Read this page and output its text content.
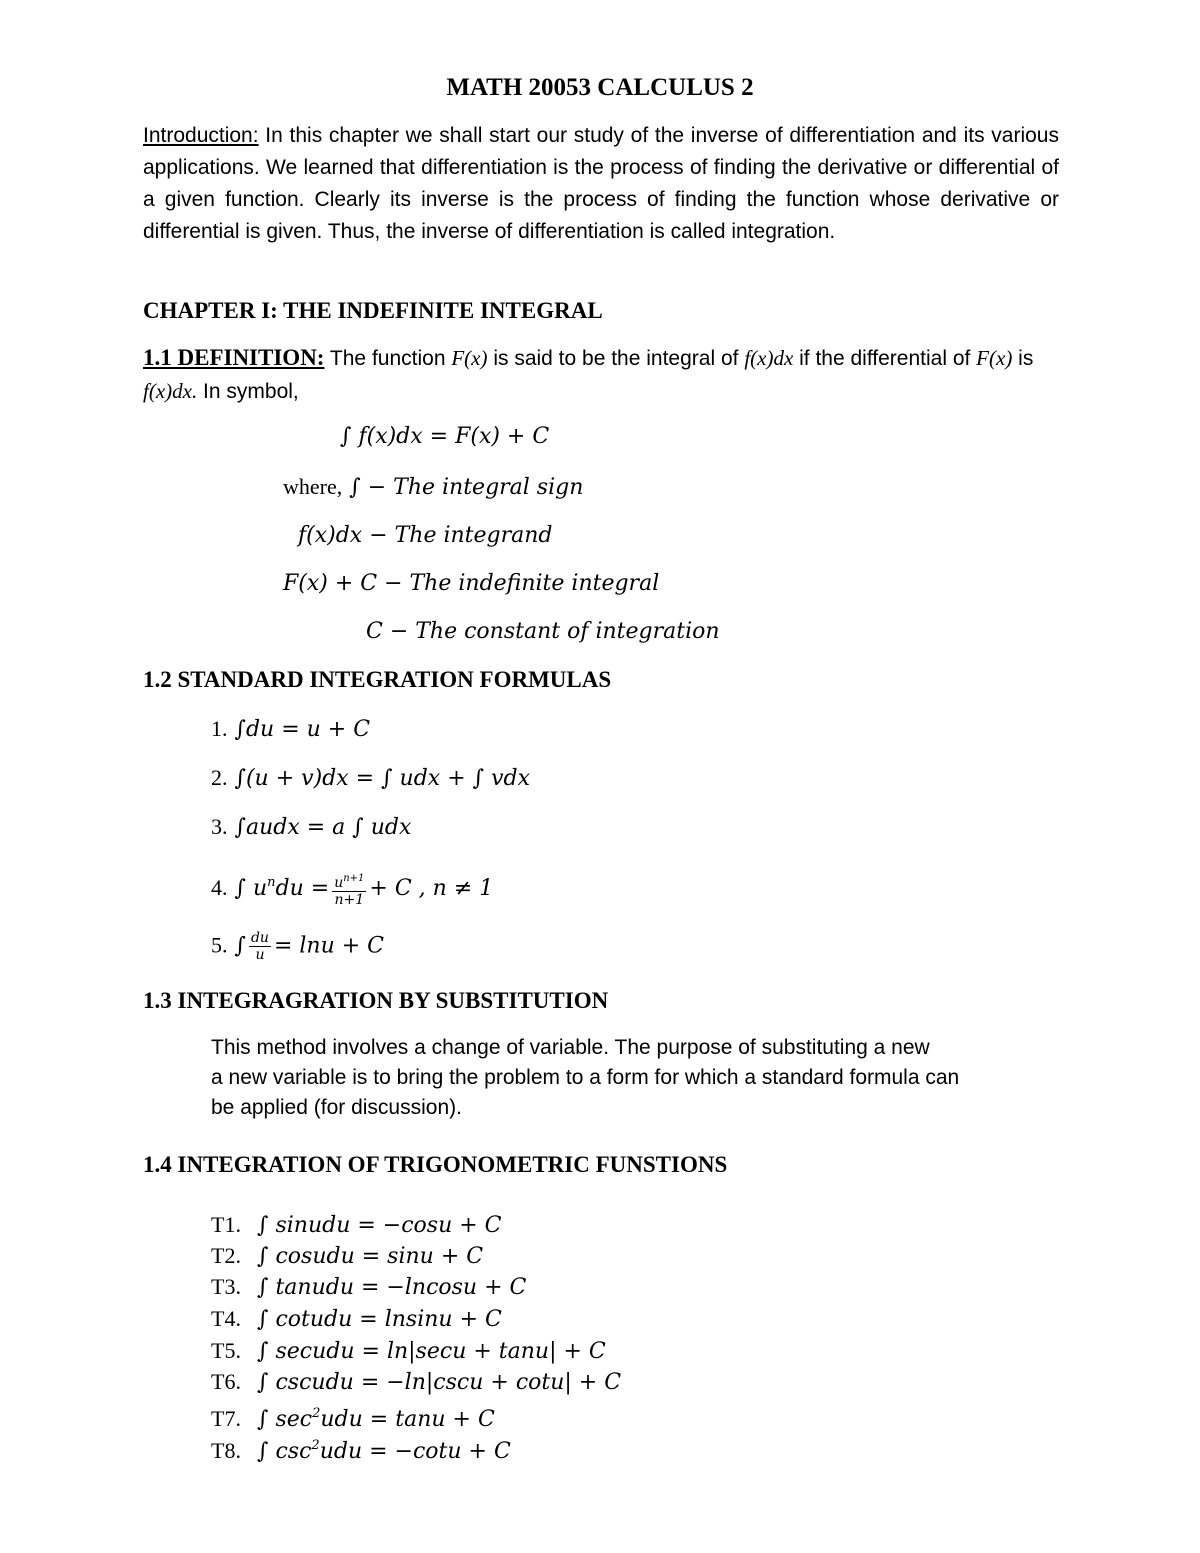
MATH 20053 CALCULUS 2
Introduction: In this chapter we shall start our study of the inverse of differentiation and its various applications. We learned that differentiation is the process of finding the derivative or differential of a given function. Clearly its inverse is the process of finding the function whose derivative or differential is given. Thus, the inverse of differentiation is called integration.
CHAPTER I: THE INDEFINITE INTEGRAL
1.1 DEFINITION: The function F(x) is said to be the integral of f(x)dx if the differential of F(x) is f(x)dx. In symbol,
∫ f(x)dx = F(x) + C
where, ∫ − The integral sign
f(x)dx − The integrand
F(x) + C − The indefinite integral
C − The constant of integration
1.2 STANDARD INTEGRATION FORMULAS
1. ∫du = u + C
2. ∫(u + v)dx = ∫ udx + ∫ vdx
3. ∫audx = a ∫ udx
4. ∫ $u^ndu = \frac{u^{n+1}}{n+1} + C$ , n ≠ 1
5. ∫ $\frac{du}{u} = \ln u + C$
1.3 INTEGRAGRATION BY SUBSTITUTION
This method involves a change of variable. The purpose of substituting a new
a new variable is to bring the problem to a form for which a standard formula can
be applied (for discussion).
1.4 INTEGRATION OF TRIGONOMETRIC FUNSTIONS
T1. ∫ sinudu = −cosu + C
T2. ∫ cosudu = sinu + C
T3. ∫ tanudu = −lncosu + C
T4. ∫ cotudu = lnsinu + C
T5. ∫ secudu = ln|secu + tanu| + C
T6. ∫ cscudu = −ln|cscu + cotu| + C
T7. ∫ $\sec^2udu = \tan u + C$
T8. ∫ $\csc^2udu = -\cot u + C$
